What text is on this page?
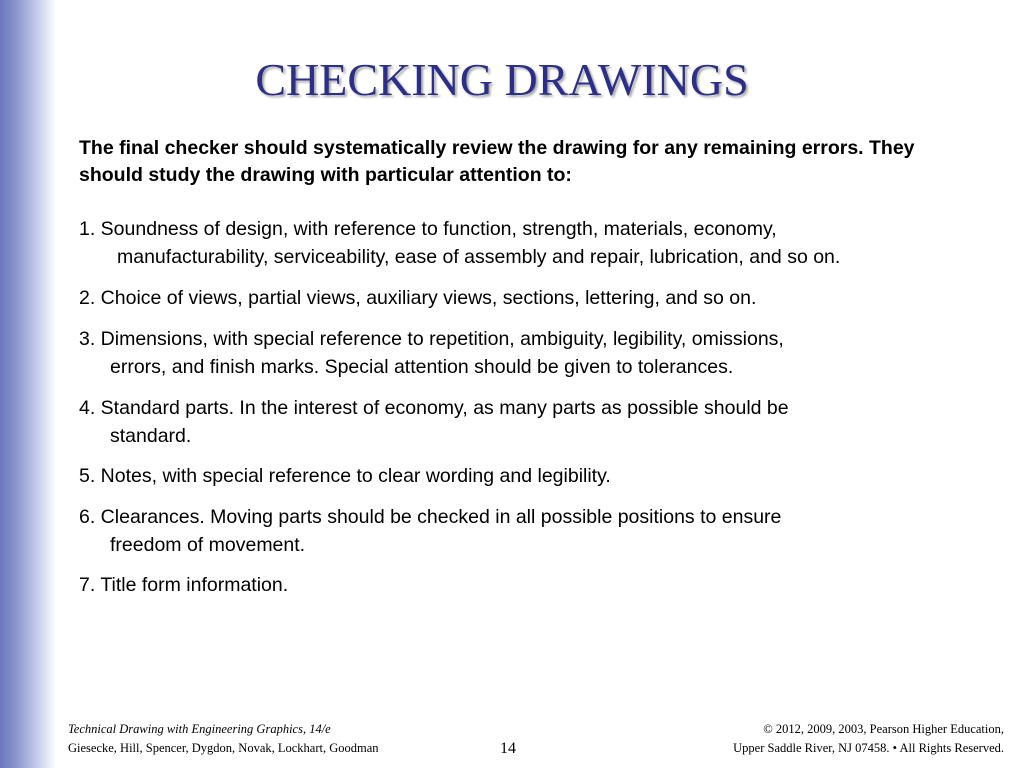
CHECKING DRAWINGS

The final checker should systematically review the drawing for any remaining errors. They should study the drawing with particular attention to:

1. Soundness of design, with reference to function, strength, materials, economy,
manufacturability, serviceability, ease of assembly and repair, lubrication, and so on.
2. Choice of views, partial views, auxiliary views, sections, lettering, and so on.
3. Dimensions, with special reference to repetition, ambiguity, legibility, omissions,
errors, and finish marks. Special attention should be given to tolerances.
4. Standard parts. In the interest of economy, as many parts as possible should be
standard.
5. Notes, with special reference to clear wording and legibility.
6. Clearances. Moving parts should be checked in all possible positions to ensure
freedom of movement.
7. Title form information.
Technical Drawing with Engineering Graphics, 14/e
Giesecke, Hill, Spencer, Dygdon, Novak, Lockhart, Goodman	14
© 2012, 2009, 2003, Pearson Higher Education,
Upper Saddle River, NJ 07458. • All Rights Reserved.
